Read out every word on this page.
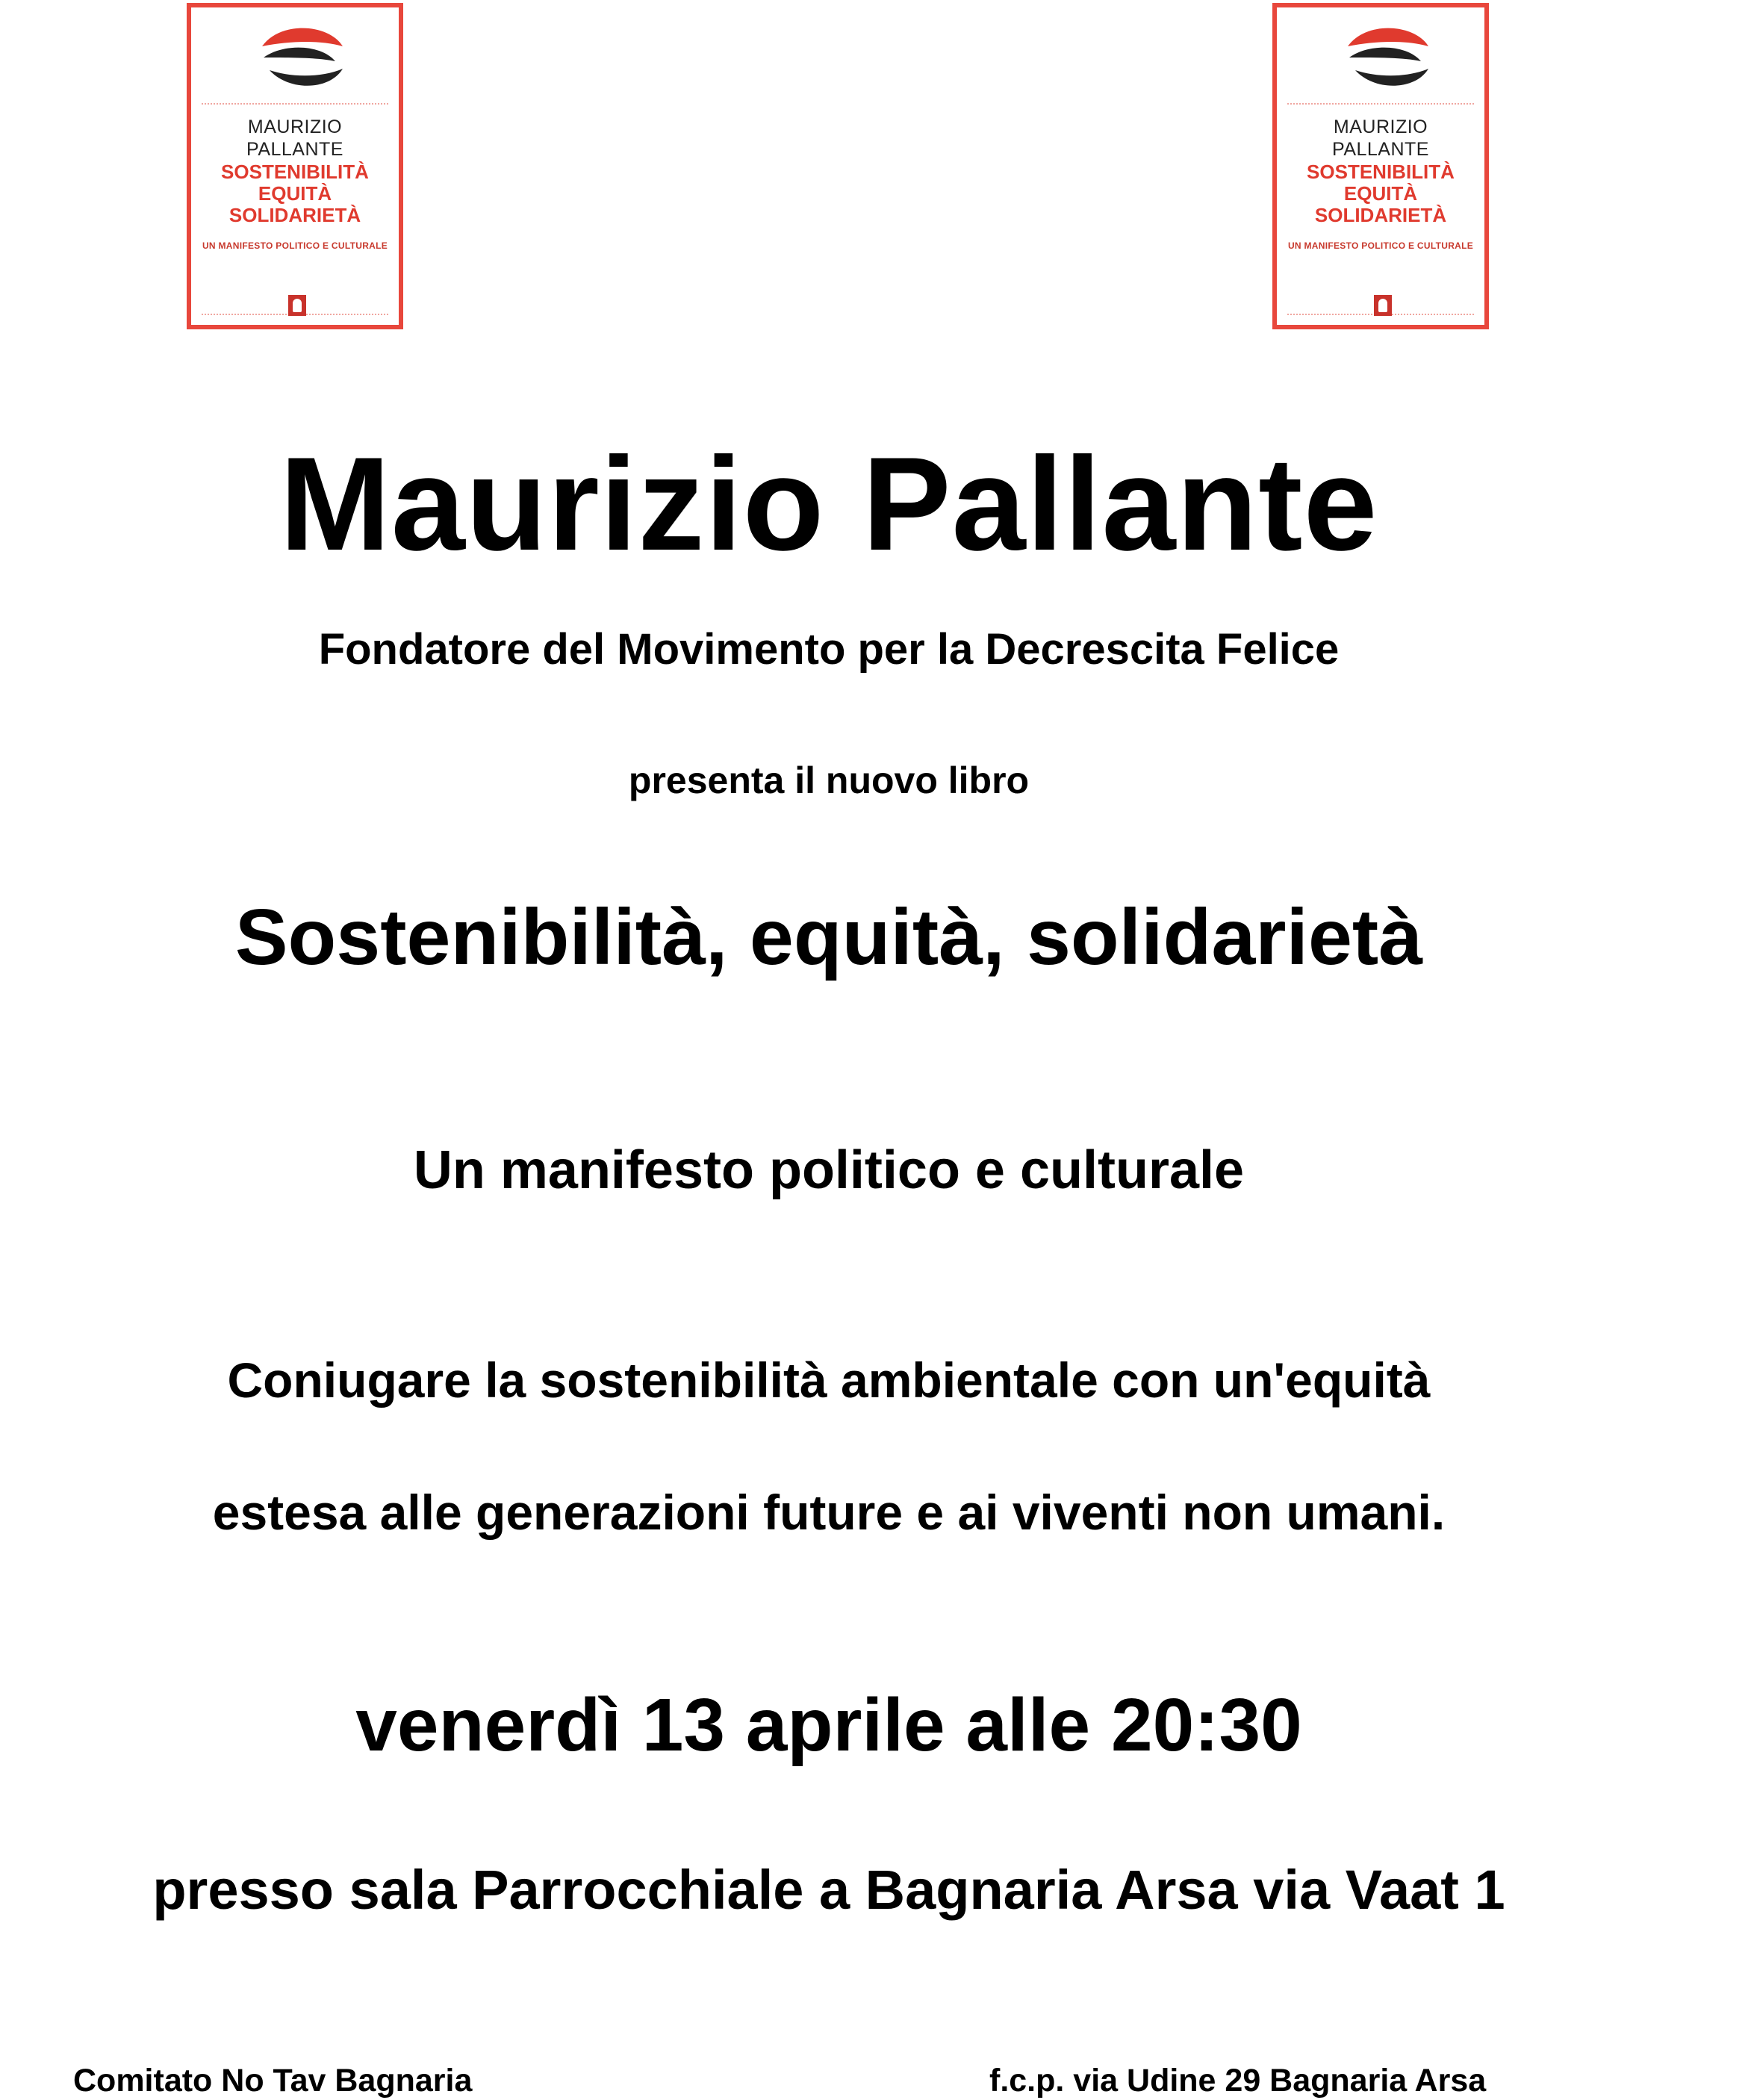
MAURIZIO
PALLANTE
SOSTENIBILITÀ
EQUITÀ
SOLIDARIETÀ
UN MANIFESTO POLITICO E CULTURALE
MAURIZIO
PALLANTE
SOSTENIBILITÀ
EQUITÀ
SOLIDARIETÀ
UN MANIFESTO POLITICO E CULTURALE
Maurizio Pallante
Fondatore del Movimento per la Decrescita Felice
presenta il nuovo libro
Sostenibilità, equità, solidarietà
Un manifesto politico e culturale
Coniugare la sostenibilità ambientale con un'equità
estesa alle generazioni future e ai viventi non umani.
venerdì 13 aprile alle 20:30
presso sala Parrocchiale a Bagnaria Arsa via Vaat 1
Comitato No Tav Bagnaria	f.c.p. via Udine 29 Bagnaria Arsa
